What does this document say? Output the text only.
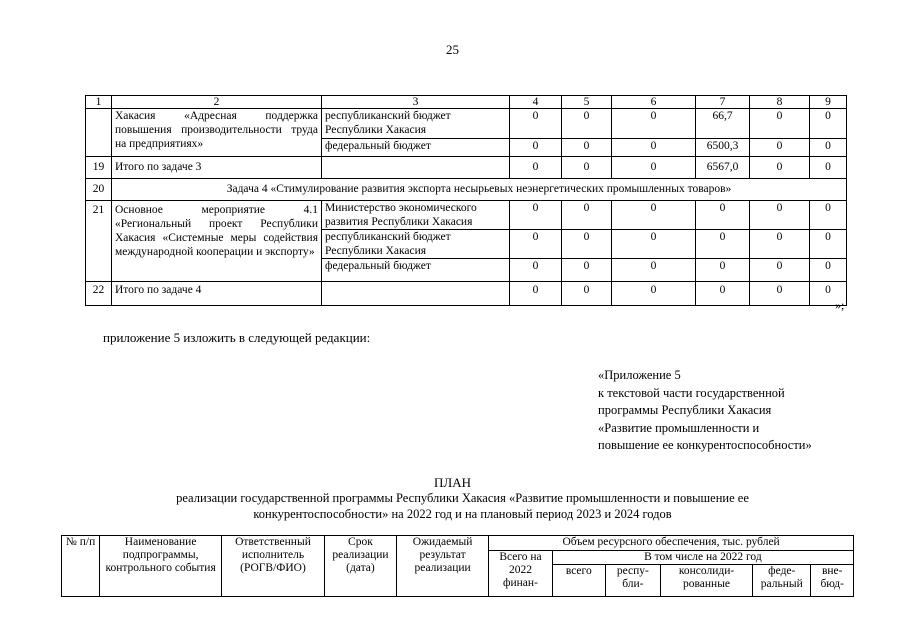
25
1	2	3	4	5	6	7	8	9
	Хакасия «Адресная поддержка повышения производительности труда на предприятиях»	республиканский бюджет Республики Хакасия	0	0	0	66,7	0	0
		федеральный бюджет	0	0	0	6500,3	0	0
19	Итого по задаче 3		0	0	0	6567,0	0	0
20	Задача 4 «Стимулирование развития экспорта несырьевых неэнергетических промышленных товаров»							
21	Основное мероприятие 4.1 «Региональный проект Республики Хакасия «Системные меры содействия международной кооперации и экспорту»	Министерство экономического развития Республики Хакасия	0	0	0	0	0	0
		республиканский бюджет Республики Хакасия	0	0	0	0	0	0
		федеральный бюджет	0	0	0	0	0	0
22	Итого по задаче 4		0	0	0	0	0	0
»;
приложение 5 изложить в следующей редакции:
«Приложение 5
к текстовой части государственной
программы Республики Хакасия
«Развитие промышленности и
повышение ее конкурентоспособности»
ПЛАН
реализации государственной программы Республики Хакасия «Развитие промышленности и повышение ее
конкурентоспособности» на 2022 год и на плановый период 2023 и 2024 годов
№ п/п	Наименование подпрограммы, контрольного события	Ответственный исполнитель (РОГВ/ФИО)	Срок реализации (дата)	Ожидаемый результат реализации	Объем ресурсного обеспечения, тыс. рублей					
					Всего на 2022 финан-	В том числе на 2022 год				
						всего	респу-бли-	консолиди-рованные	феде-ральный	вне-бюд-
